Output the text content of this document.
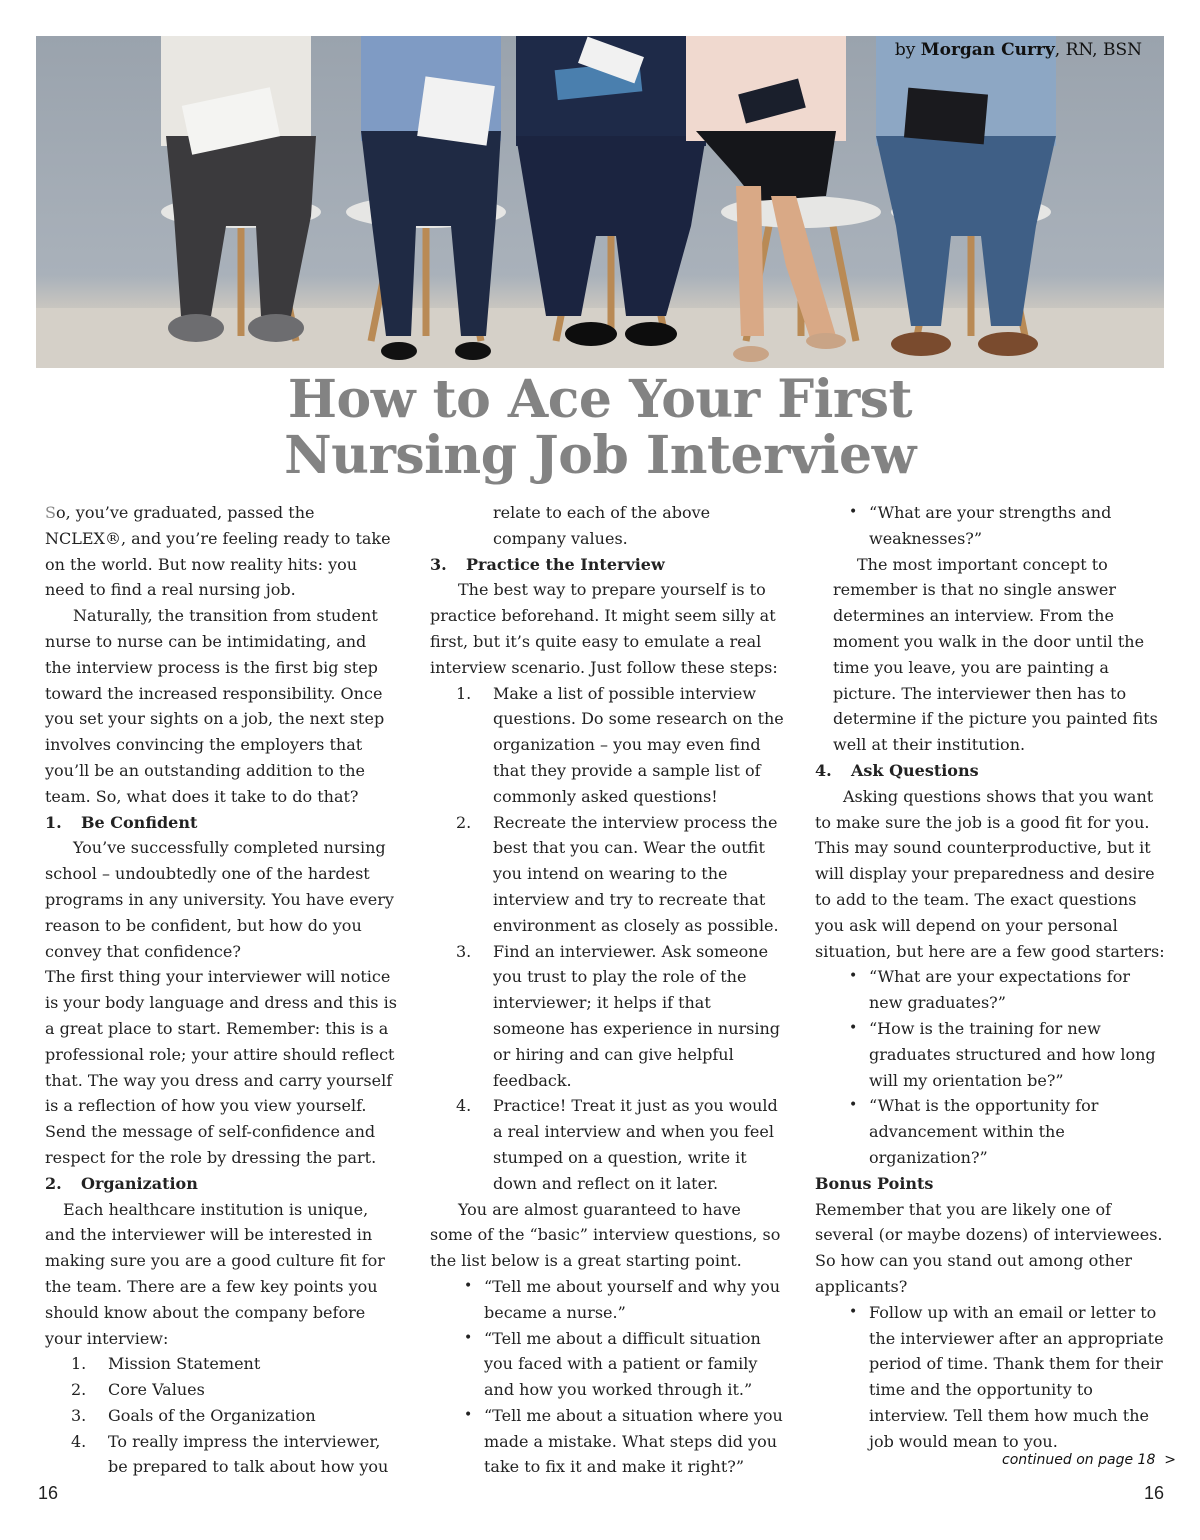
by Morgan Curry, RN, BSN
How to Ace Your First
Nursing Job Interview

So, you’ve graduated, passed the NCLEX®, and you’re feeling ready to take on the world. But now reality hits: you need to find a real nursing job.

Naturally, the transition from student nurse to nurse can be intimidating, and the interview process is the first big step toward the increased responsibility. Once you set your sights on a job, the next step involves convincing the employers that you’ll be an outstanding addition to the team. So, what does it take to do that?

1. Be Confident

You’ve successfully completed nursing school – undoubtedly one of the hardest programs in any university. You have every reason to be confident, but how do you convey that confidence?

The first thing your interviewer will notice is your body language and dress and this is a great place to start. Remember: this is a professional role; your attire should reflect that. The way you dress and carry yourself is a reflection of how you view yourself. Send the message of self-confidence and respect for the role by dressing the part.

2. Organization

Each healthcare institution is unique, and the interviewer will be interested in making sure you are a good culture fit for the team. There are a few key points you should know about the company before your interview:

1. Mission Statement
2. Core Values
3. Goals of the Organization
4. To really impress the interviewer, be prepared to talk about how you

relate to each of the above company values.

3. Practice the Interview

The best way to prepare yourself is to practice beforehand. It might seem silly at first, but it’s quite easy to emulate a real interview scenario. Just follow these steps:

1. Make a list of possible interview questions. Do some research on the organization – you may even find that they provide a sample list of commonly asked questions!
2. Recreate the interview process the best that you can. Wear the outfit you intend on wearing to the interview and try to recreate that environment as closely as possible.
3. Find an interviewer. Ask someone you trust to play the role of the interviewer; it helps if that someone has experience in nursing or hiring and can give helpful feedback.
4. Practice! Treat it just as you would a real interview and when you feel stumped on a question, write it down and reflect on it later.

You are almost guaranteed to have some of the “basic” interview questions, so the list below is a great starting point.

• “Tell me about yourself and why you became a nurse.”
• “Tell me about a difficult situation you faced with a patient or family and how you worked through it.”
• “Tell me about a situation where you made a mistake. What steps did you take to fix it and make it right?”
• “What are your strengths and weaknesses?”

The most important concept to remember is that no single answer determines an interview. From the moment you walk in the door until the time you leave, you are painting a picture. The interviewer then has to determine if the picture you painted fits well at their institution.

4. Ask Questions

Asking questions shows that you want to make sure the job is a good fit for you. This may sound counterproductive, but it will display your preparedness and desire to add to the team. The exact questions you ask will depend on your personal situation, but here are a few good starters:

• “What are your expectations for new graduates?”
• “How is the training for new graduates structured and how long will my orientation be?”
• “What is the opportunity for advancement within the organization?”
Bonus Points

Remember that you are likely one of several (or maybe dozens) of interviewees. So how can you stand out among other applicants?

• Follow up with an email or letter to the interviewer after an appropriate period of time. Thank them for their time and the opportunity to interview. Tell them how much the job would mean to you.
continued on page 18 >
16	16
